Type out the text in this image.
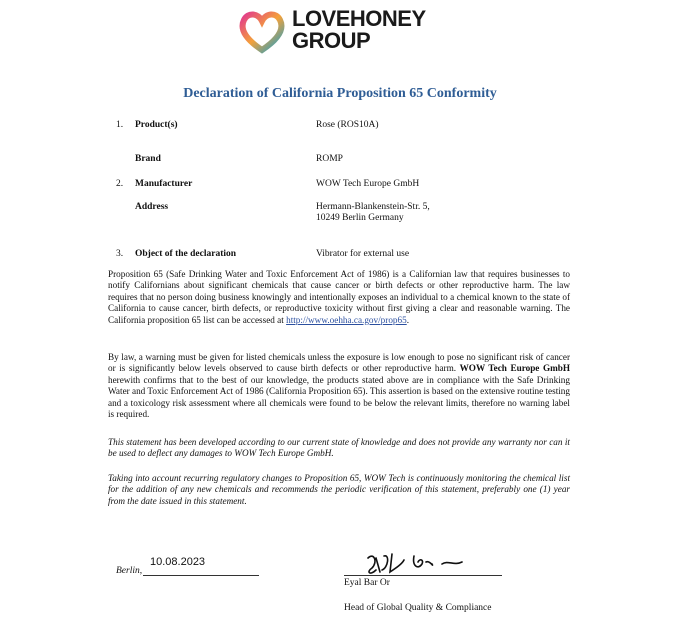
LOVEHONEY
GROUP
Declaration of California Proposition 65 Conformity
1. Product(s)	Rose (ROS10A)
Brand	ROMP
2. Manufacturer	WOW Tech Europe GmbH
Address	Hermann-Blankenstein-Str. 5,
10249 Berlin Germany
3. Object of the declaration	Vibrator for external use
Proposition 65 (Safe Drinking Water and Toxic Enforcement Act of 1986) is a Californian law that requires businesses to notify Californians about significant chemicals that cause cancer or birth defects or other reproductive harm. The law requires that no person doing business knowingly and intentionally exposes an individual to a chemical known to the state of California to cause cancer, birth defects, or reproductive toxicity without first giving a clear and reasonable warning. The California proposition 65 list can be accessed at http://www.oehha.ca.gov/prop65.
By law, a warning must be given for listed chemicals unless the exposure is low enough to pose no significant risk of cancer or is significantly below levels observed to cause birth defects or other reproductive harm. WOW Tech Europe GmbH herewith confirms that to the best of our knowledge, the products stated above are in compliance with the Safe Drinking Water and Toxic Enforcement Act of 1986 (California Proposition 65). This assertion is based on the extensive routine testing and a toxicology risk assessment where all chemicals were found to be below the relevant limits, therefore no warning label is required.
This statement has been developed according to our current state of knowledge and does not provide any warranty nor can it be used to deflect any damages to WOW Tech Europe GmbH.
Taking into account recurring regulatory changes to Proposition 65, WOW Tech is continuously monitoring the chemical list for the addition of any new chemicals and recommends the periodic verification of this statement, preferably one (1) year from the date issued in this statement.
Berlin,
10.08.2023
Eyal Bar Or
Head of Global Quality & Compliance
